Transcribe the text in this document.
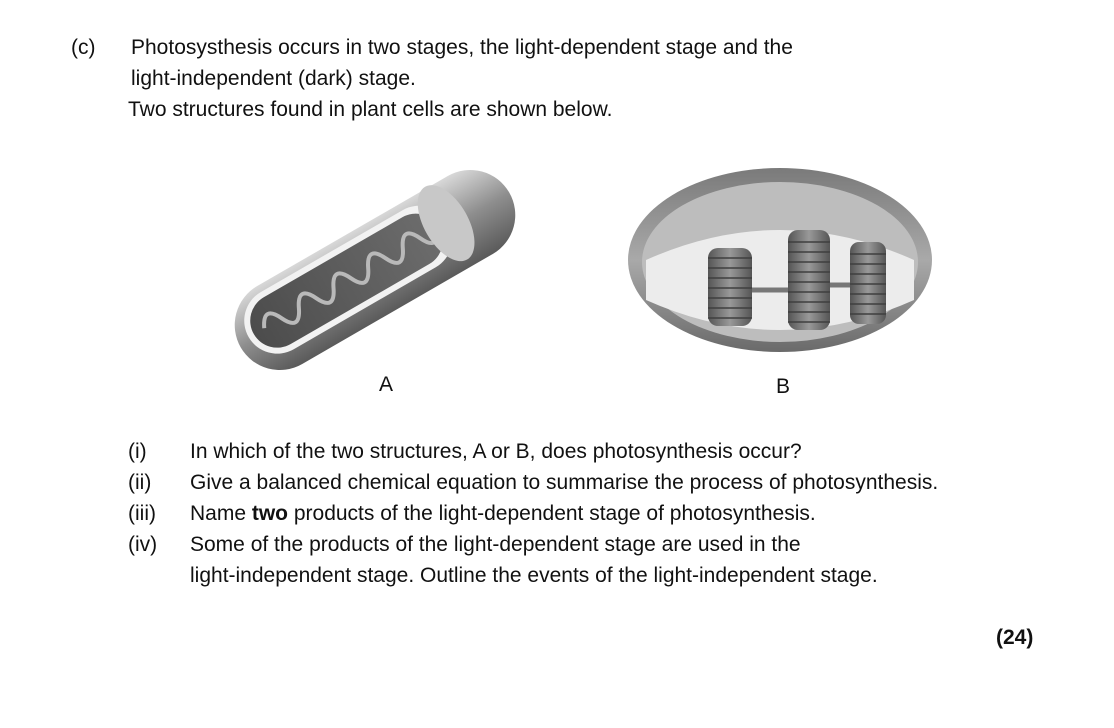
(c) Photosysthesis occurs in two stages, the light-dependent stage and the
light-independent (dark) stage.
Two structures found in plant cells are shown below.
A	B
(i)	In which of the two structures, A or B, does photosynthesis occur?
(ii)	Give a balanced chemical equation to summarise the process of photosynthesis.
(iii)	Name two products of the light-dependent stage of photosynthesis.
(iv)	Some of the products of the light-dependent stage are used in the
light-independent stage. Outline the events of the light-independent stage.
(24)
